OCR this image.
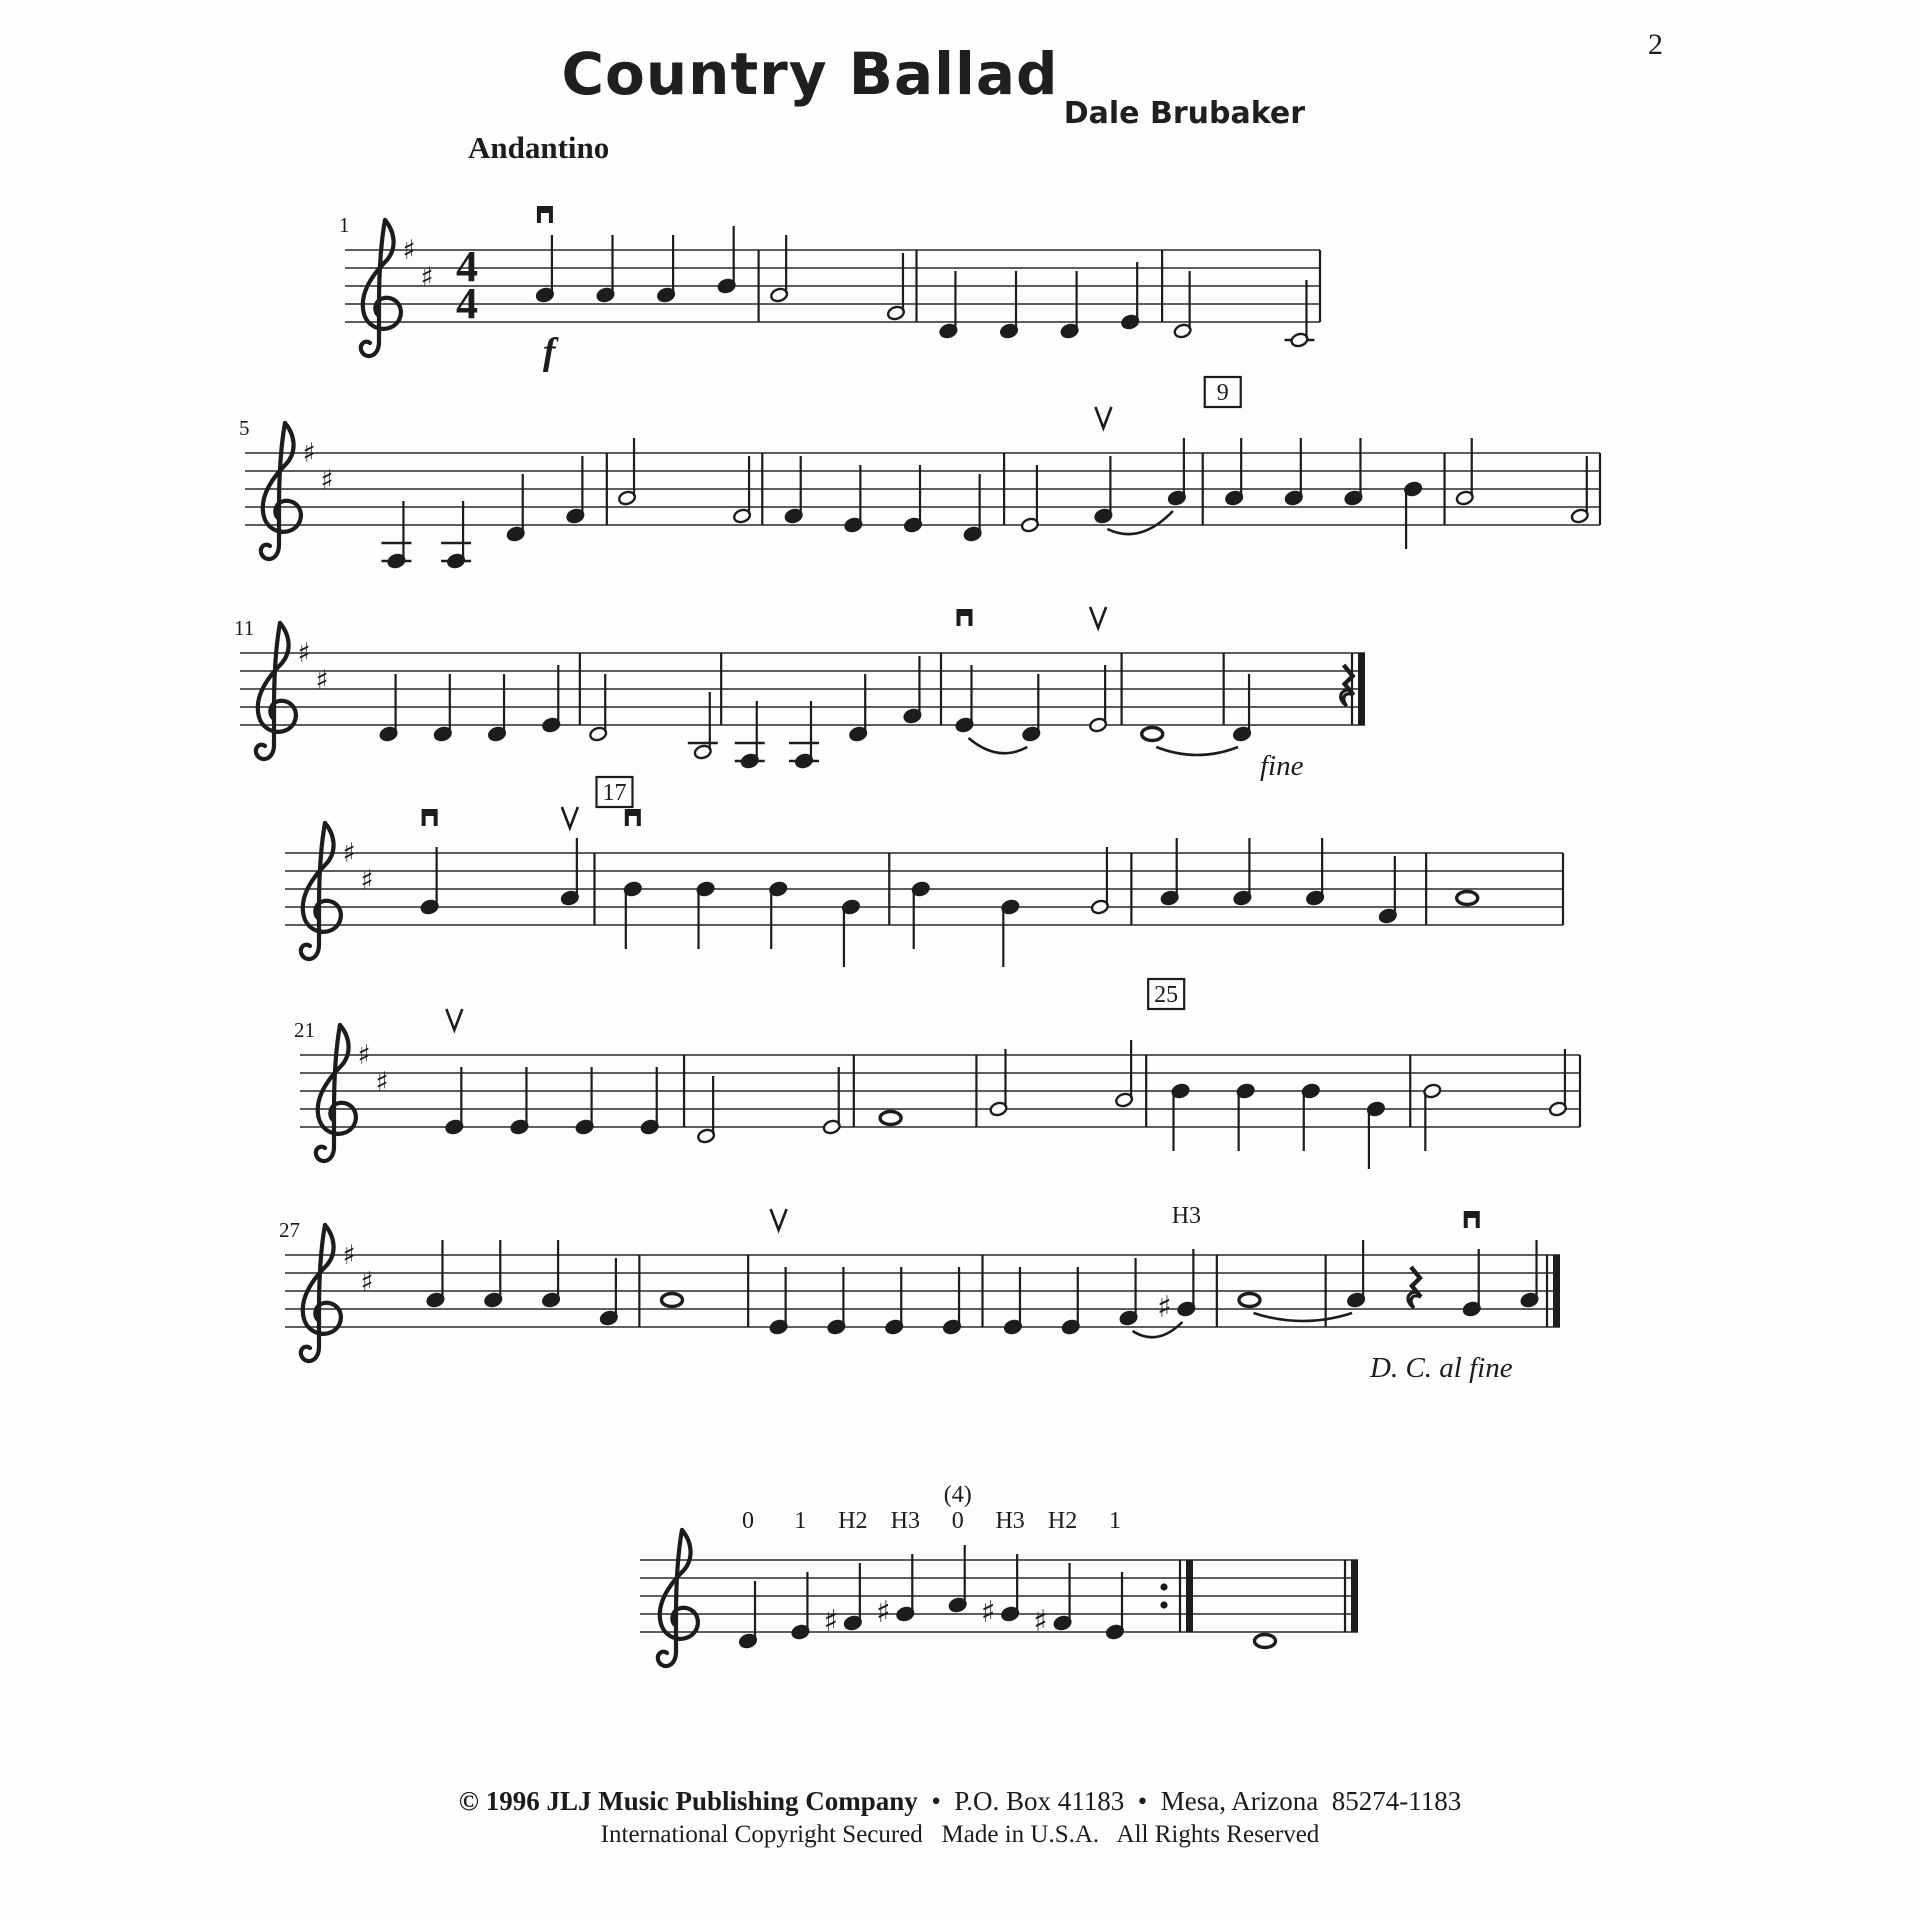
2
Country Ballad
Dale Brubaker
Andantino
♯
♯
1
4
4
f
♯
♯
5
9
♯
♯
11
fine
♯
♯
17
♯
♯
21
25
♯
♯
27
♯
H3
D. C. al fine
0 1
♯
H2
♯
H3 0
(4)
♯
H3
♯
H2 1
© 1996 JLJ Music Publishing Company  •  P.O. Box 41183  •  Mesa, Arizona  85274-1183
International Copyright Secured   Made in U.S.A.   All Rights Reserved
